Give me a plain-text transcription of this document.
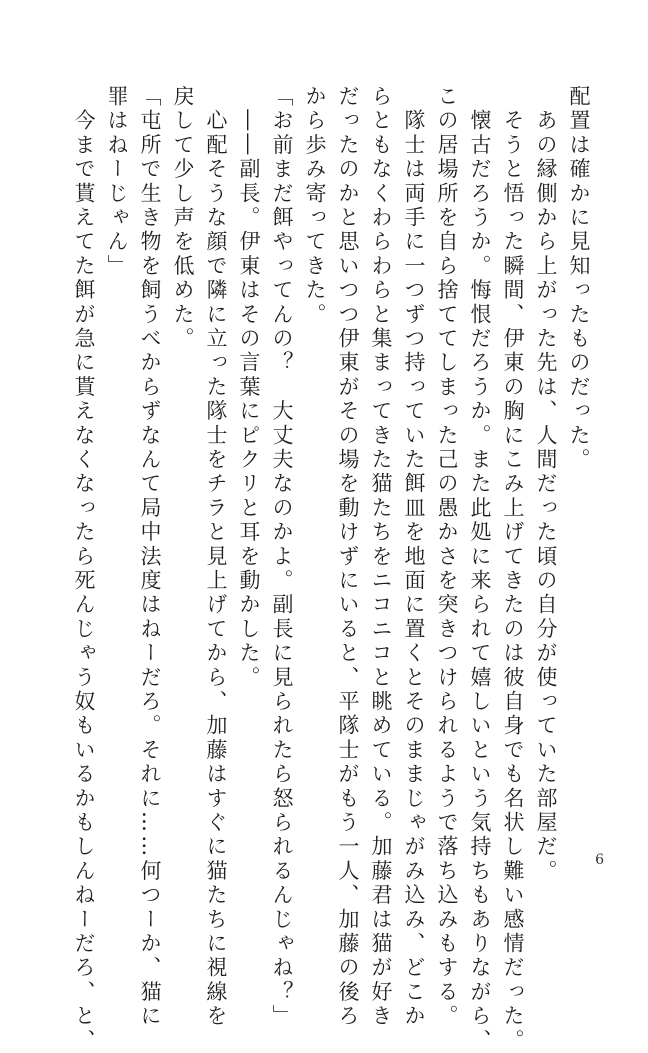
配置は確かに見知ったものだった。
　あの縁側から上がった先は、人間だった頃の自分が使っていた部屋だ。
　そうと悟った瞬間、伊東の胸にこみ上げてきたのは彼自身でも名状し難い感情だった。
　懐古だろうか。悔恨だろうか。また此処に来られて嬉しいという気持ちもありながら、
この居場所を自ら捨ててしまった己の愚かさを突きつけられるようで落ち込みもする。
　隊士は両手に一つずつ持っていた餌皿を地面に置くとそのままじゃがみ込み、どこか
らともなくわらわらと集まってきた猫たちをニコニコと眺めている。加藤君は猫が好き
だったのかと思いつつ伊東がその場を動けずにいると、平隊士がもう一人、加藤の後ろ
から歩み寄ってきた。
「お前まだ餌やってんの？　大丈夫なのかよ。副長に見られたら怒られるんじゃね？」
　――副長。伊東はその言葉にピクリと耳を動かした。
　心配そうな顔で隣に立った隊士をチラと見上げてから、加藤はすぐに猫たちに視線を
戻して少し声を低めた。
「屯所で生き物を飼うべからずなんて局中法度はねーだろ。それに……何つーか、猫に
罪はねーじゃん」
　今まで貰えてた餌が急に貰えなくなったら死んじゃう奴もいるかもしんねーだろ、と、	6
